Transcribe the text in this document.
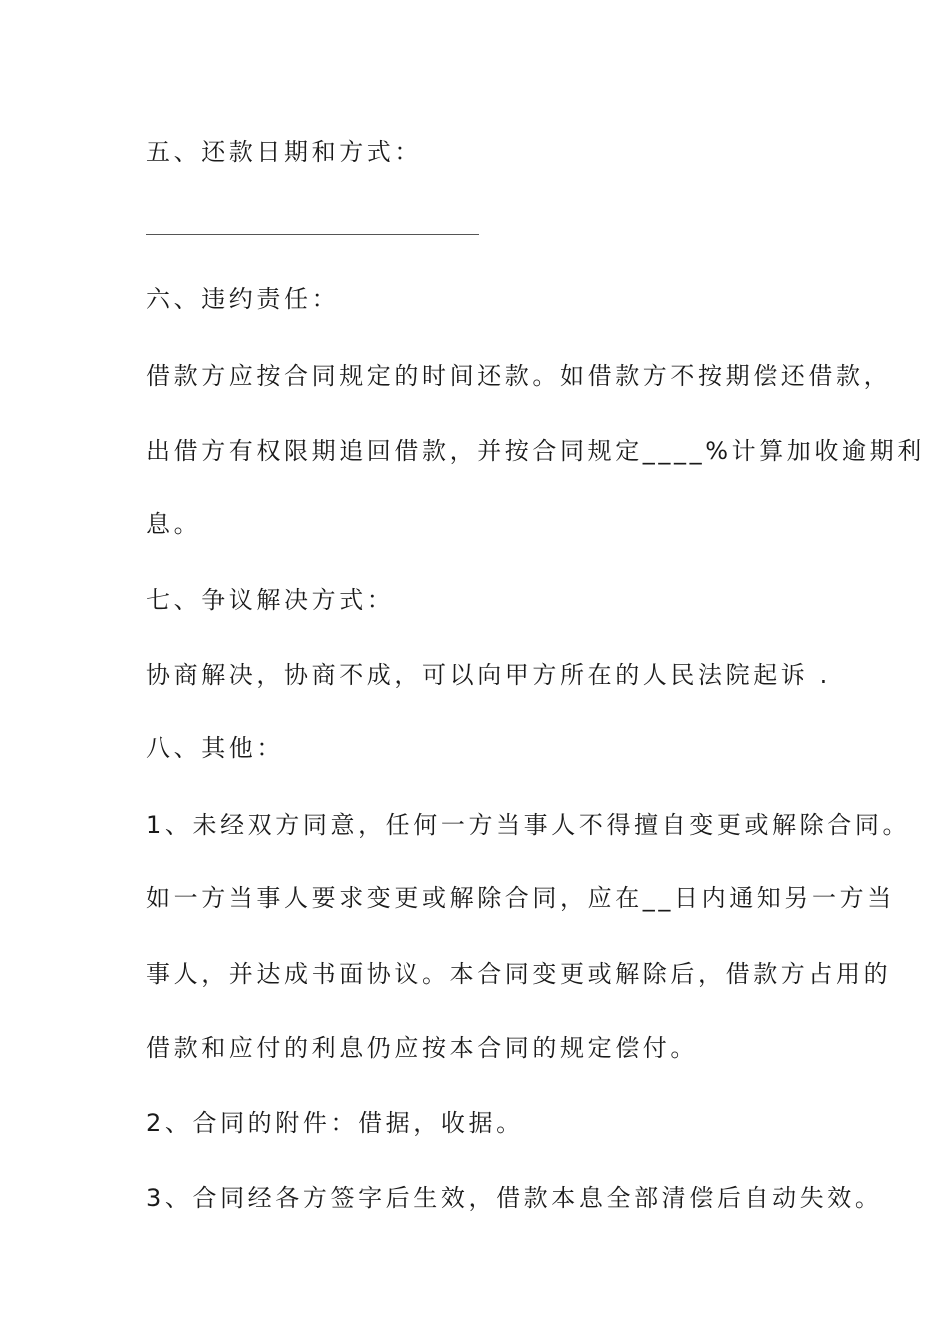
五、还款日期和方式：

六、违约责任：

借款方应按合同规定的时间还款。如借款方不按期偿还借款，

出借方有权限期追回借款，并按合同规定____%计算加收逾期利

息。

七、争议解决方式：

协商解决，协商不成，可以向甲方所在的人民法院起诉 .

八、其他：

1、未经双方同意，任何一方当事人不得擅自变更或解除合同。

如一方当事人要求变更或解除合同，应在__日内通知另一方当

事人，并达成书面协议。本合同变更或解除后，借款方占用的

借款和应付的利息仍应按本合同的规定偿付。

2、合同的附件：借据，收据。

3、合同经各方签字后生效，借款本息全部清偿后自动失效。
